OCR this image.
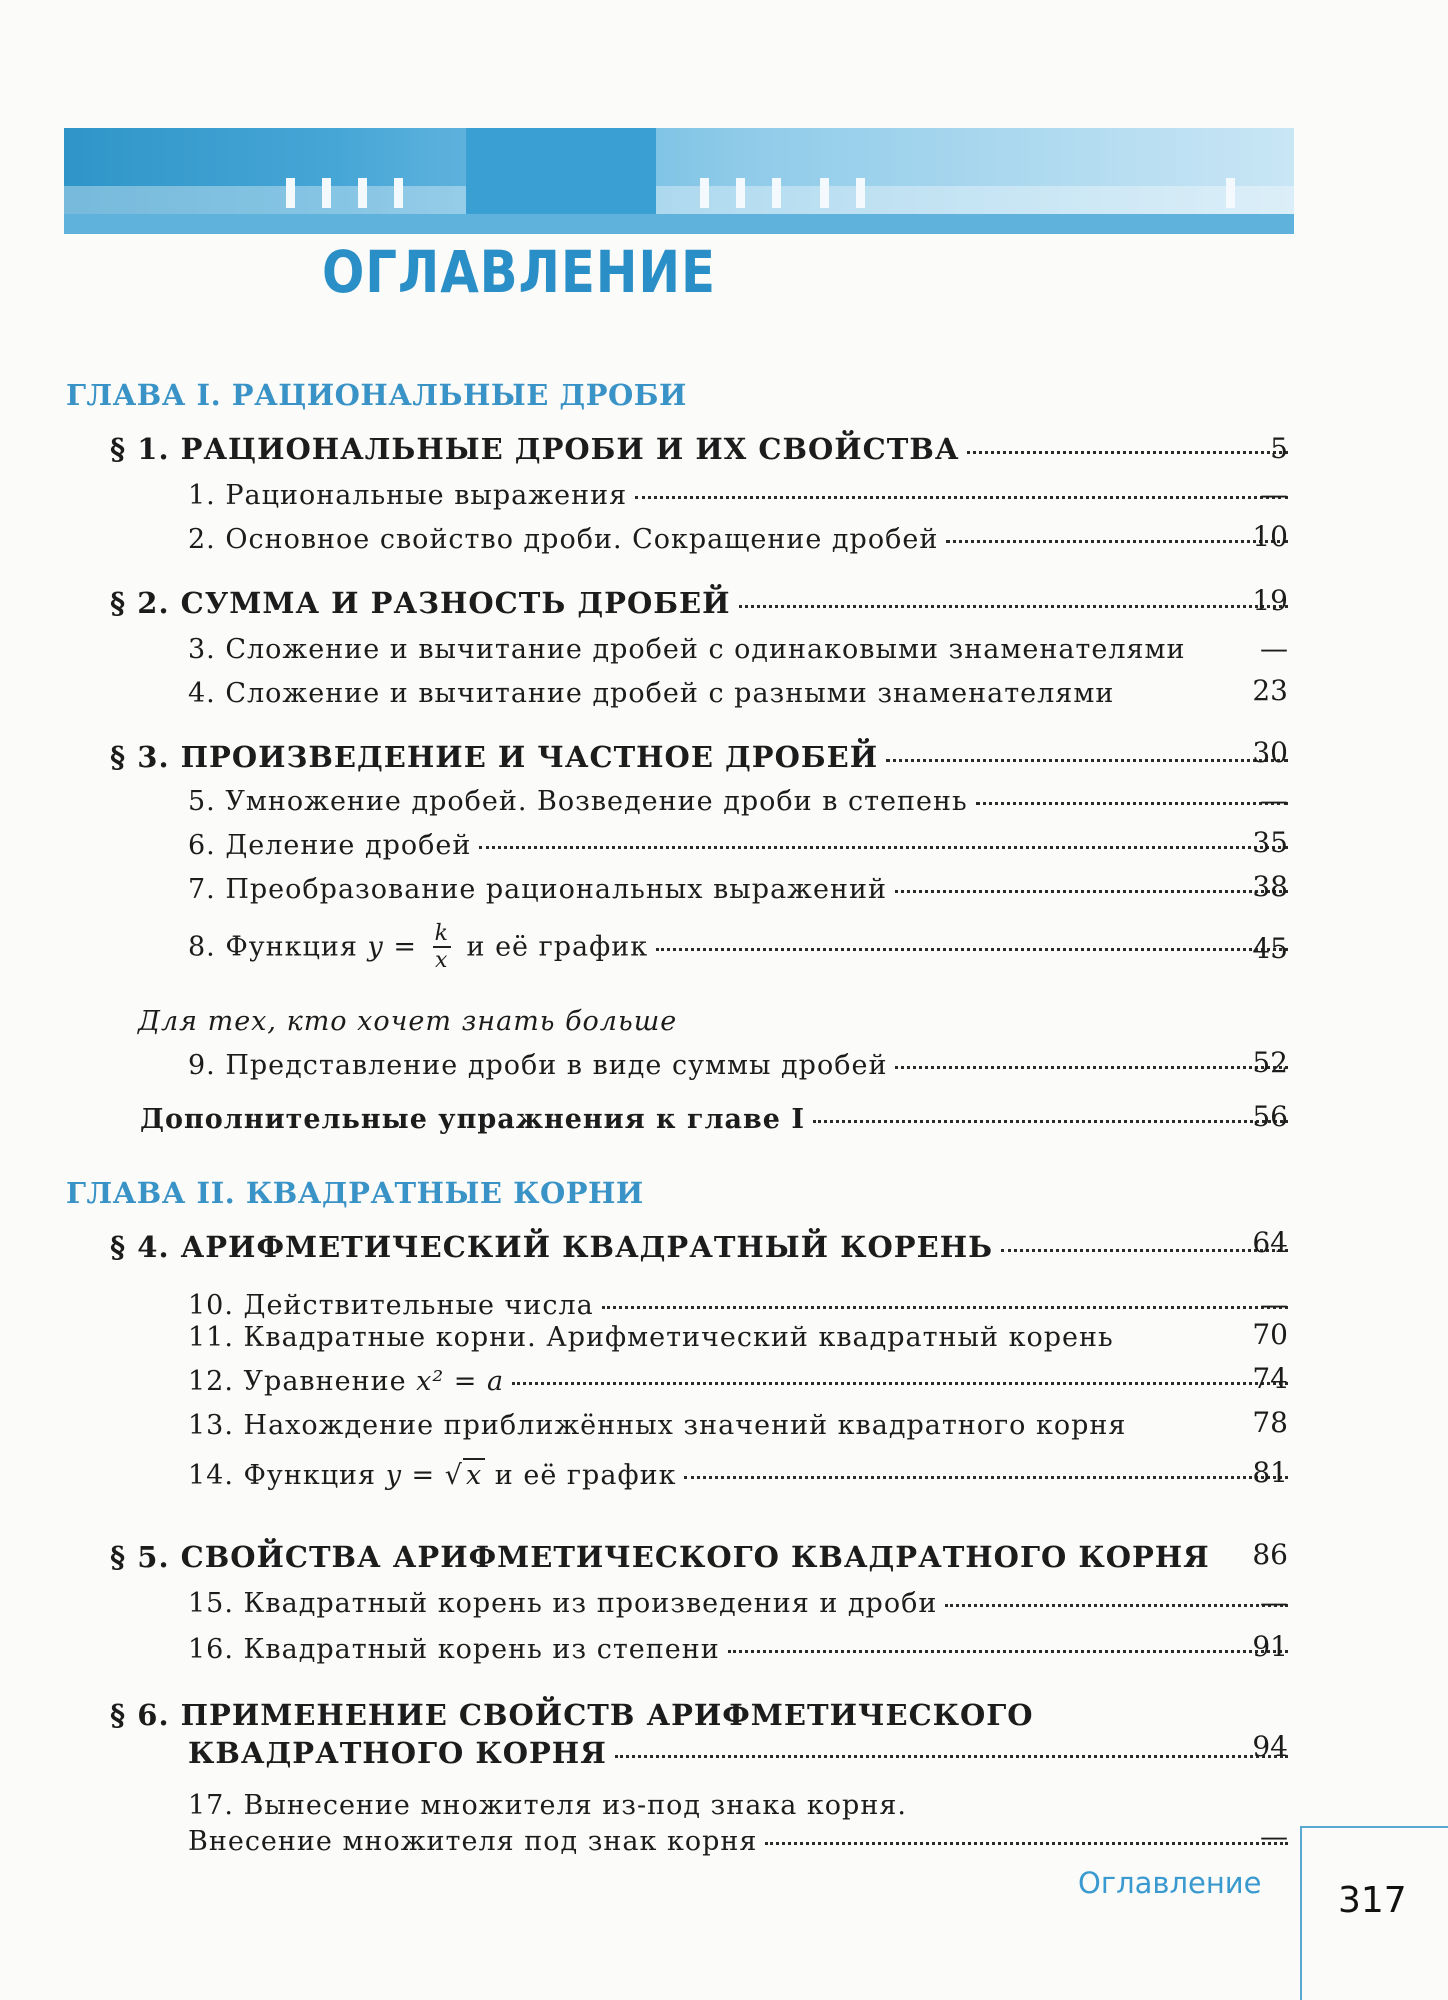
ОГЛАВЛЕНИЕ
ГЛАВА I. РАЦИОНАЛЬНЫЕ ДРОБИ
§ 1. РАЦИОНАЛЬНЫЕ ДРОБИ И ИХ СВОЙСТВА	5
1. Рациональные выражения	—
2. Основное свойство дроби. Сокращение дробей	10
§ 2. СУММА И РАЗНОСТЬ ДРОБЕЙ	19
3. Сложение и вычитание дробей с одинаковыми знаменателями	—
4. Сложение и вычитание дробей с разными знаменателями	23
§ 3. ПРОИЗВЕДЕНИЕ И ЧАСТНОЕ ДРОБЕЙ	30
5. Умножение дробей. Возведение дроби в степень	—
6. Деление дробей	35
7. Преобразование рациональных выражений	38
8. Функция $y = \frac{k}{x}$ и её график	45
Для тех, кто хочет знать больше
9. Представление дроби в виде суммы дробей	52
Дополнительные упражнения к главе I	56
ГЛАВА II. КВАДРАТНЫЕ КОРНИ
§ 4. АРИФМЕТИЧЕСКИЙ КВАДРАТНЫЙ КОРЕНЬ	64
10. Действительные числа	—
11. Квадратные корни. Арифметический квадратный корень	70
12. Уравнение x² = a	74
13. Нахождение приближённых значений квадратного корня	78
14. Функция y = √ x и её график	81
§ 5. СВОЙСТВА АРИФМЕТИЧЕСКОГО КВАДРАТНОГО КОРНЯ	86
15. Квадратный корень из произведения и дроби	—
16. Квадратный корень из степени	91
§ 6. ПРИМЕНЕНИЕ СВОЙСТВ АРИФМЕТИЧЕСКОГО
КВАДРАТНОГО КОРНЯ	94
17. Вынесение множителя из-под знака корня.
Внесение множителя под знак корня	—
Оглавление 317
